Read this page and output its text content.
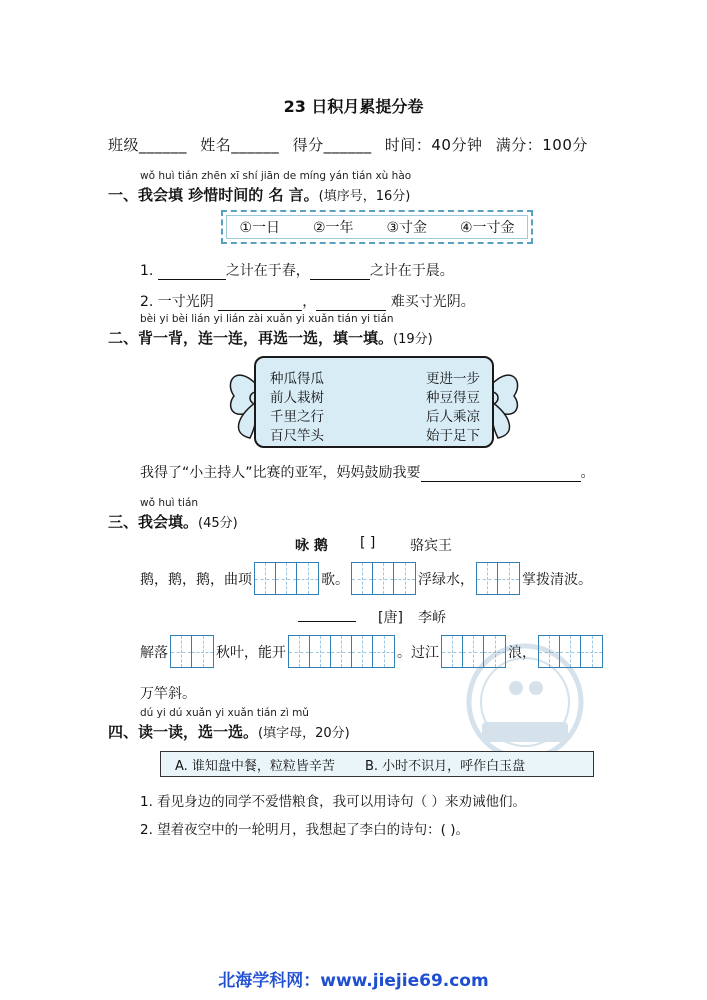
23 日积月累提分卷
班级______ 姓名______ 得分______ 时间：40分钟 满分：100分
wǒ huì tián zhēn xī shí jiān de míng yán tián xù hào
一、我会填 珍惜时间的 名 言。(填序号，16分)
①一日 ②一年 ③寸金 ④一寸金
1.	之计在于春，	之计在于晨。
2. 一寸光阴	，	难买寸光阴。
bèi yi bèi lián yi lián zài xuǎn yi xuǎn tián yi tián
二、背一背，连一连，再选一选，填一填。(19分)
种瓜得瓜
前人栽树
千里之行
百尺竿头
更进一步
种豆得豆
后人乘凉
始于足下
我得了“小主持人”比赛的亚军，妈妈鼓励我要	。
wǒ huì tián
三、我会填。(45分)
咏 鹅 [ ] 骆宾王
鹅，鹅，鹅，曲项	歌。	浮绿水，	掌拨清波。
[唐] 李峤
解落	秋叶，能开	。过江	浪，
万竿斜。
dú yi dú xuǎn yi xuǎn tián zì mǔ
四、读一读，选一选。(填字母，20分)
A. 谁知盘中餐，粒粒皆辛苦 B. 小时不识月，呼作白玉盘
1. 看见身边的同学不爱惜粮食，我可以用诗句（ ）来劝诫他们。
2. 望着夜空中的一轮明月，我想起了李白的诗句：( )。
北海学科网：www.jiejie69.com
